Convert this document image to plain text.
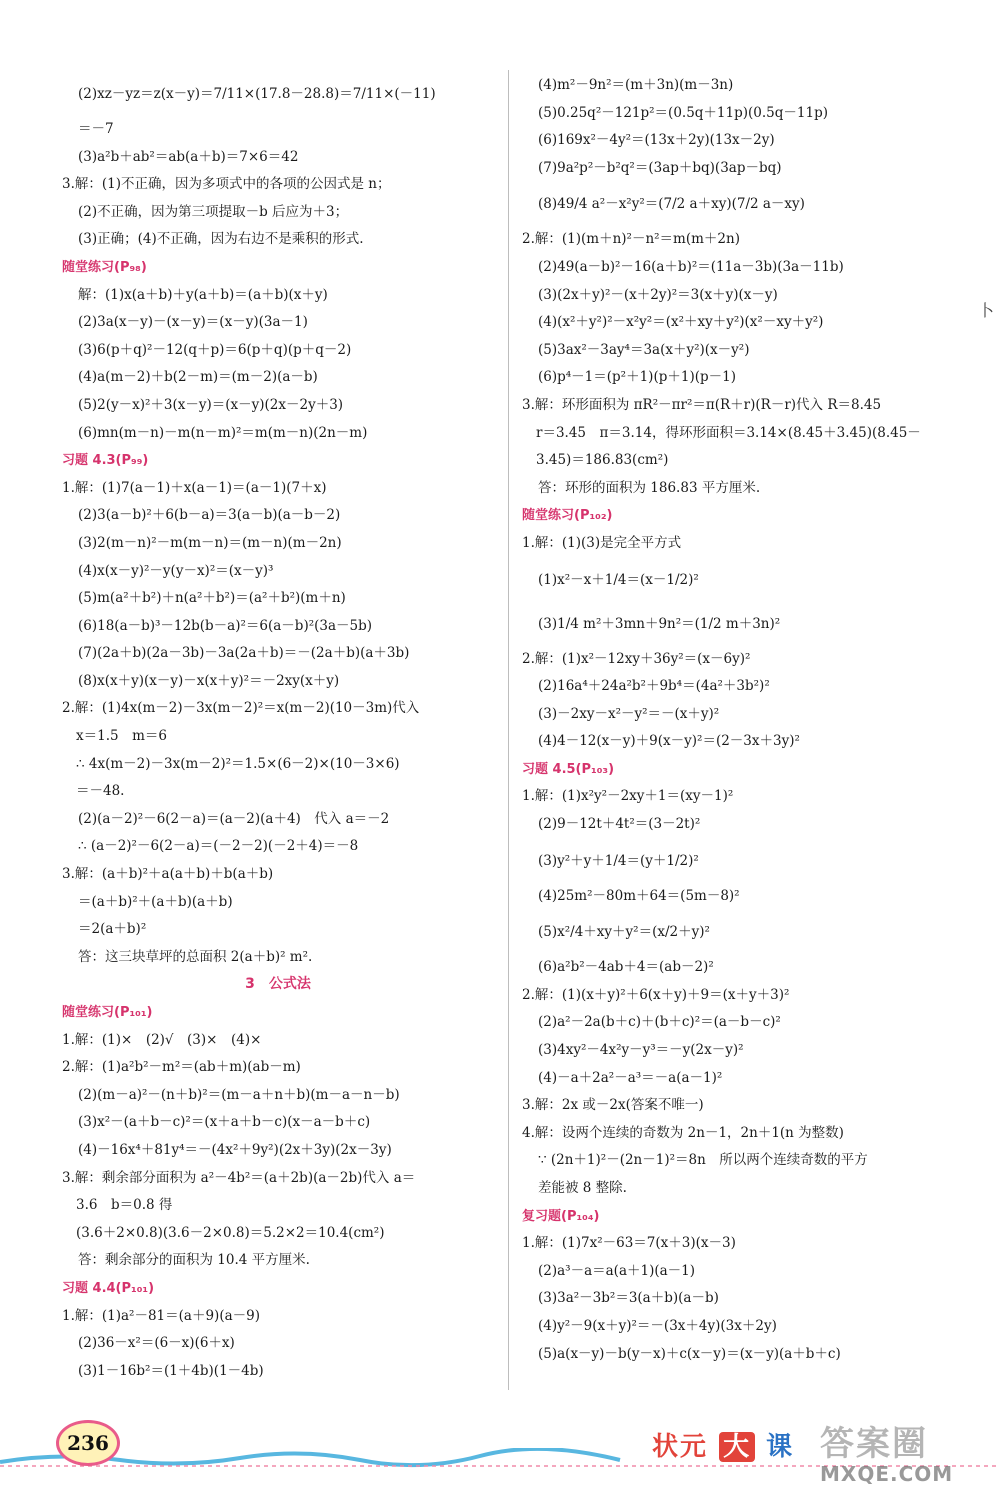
(2)xz－yz＝z(x－y)＝7/11×(17.8－28.8)＝7/11×(－11)
＝－7
(3)a²b＋ab²＝ab(a＋b)＝7×6＝42
3.解：(1)不正确，因为多项式中的各项的公因式是 n；
(2)不正确，因为第三项提取－b 后应为＋3；
(3)正确；(4)不正确，因为右边不是乘积的形式.
随堂练习(P₉₈)
解：(1)x(a＋b)＋y(a＋b)＝(a＋b)(x＋y)
(2)3a(x－y)－(x－y)＝(x－y)(3a－1)
(3)6(p＋q)²－12(q＋p)＝6(p＋q)(p＋q－2)
(4)a(m－2)＋b(2－m)＝(m－2)(a－b)
(5)2(y－x)²＋3(x－y)＝(x－y)(2x－2y＋3)
(6)mn(m－n)－m(n－m)²＝m(m－n)(2n－m)
习题 4.3(P₉₉)
1.解：(1)7(a－1)＋x(a－1)＝(a－1)(7＋x)
(2)3(a－b)²＋6(b－a)＝3(a－b)(a－b－2)
(3)2(m－n)²－m(m－n)＝(m－n)(m－2n)
(4)x(x－y)²－y(y－x)²＝(x－y)³
(5)m(a²＋b²)＋n(a²＋b²)＝(a²＋b²)(m＋n)
(6)18(a－b)³－12b(b－a)²＝6(a－b)²(3a－5b)
(7)(2a＋b)(2a－3b)－3a(2a＋b)＝－(2a＋b)(a＋3b)
(8)x(x＋y)(x－y)－x(x＋y)²＝－2xy(x＋y)
2.解：(1)4x(m－2)－3x(m－2)²＝x(m－2)(10－3m)代入
x＝1.5　m＝6
∴ 4x(m－2)－3x(m－2)²＝1.5×(6－2)×(10－3×6)
＝－48.
(2)(a－2)²－6(2－a)＝(a－2)(a＋4)　代入 a＝－2
∴ (a－2)²－6(2－a)＝(－2－2)(－2＋4)＝－8
3.解：(a＋b)²＋a(a＋b)＋b(a＋b)
＝(a＋b)²＋(a＋b)(a＋b)
＝2(a＋b)²
答：这三块草坪的总面积 2(a＋b)² m².
3　公式法
随堂练习(P₁₀₁)
1.解：(1)×　(2)√　(3)×　(4)×
2.解：(1)a²b²－m²＝(ab＋m)(ab－m)
(2)(m－a)²－(n＋b)²＝(m－a＋n＋b)(m－a－n－b)
(3)x²－(a＋b－c)²＝(x＋a＋b－c)(x－a－b＋c)
(4)－16x⁴＋81y⁴＝－(4x²＋9y²)(2x＋3y)(2x－3y)
3.解：剩余部分面积为 a²－4b²＝(a＋2b)(a－2b)代入 a＝
3.6　b＝0.8 得
(3.6＋2×0.8)(3.6－2×0.8)＝5.2×2＝10.4(cm²)
答：剩余部分的面积为 10.4 平方厘米.
习题 4.4(P₁₀₁)
1.解：(1)a²－81＝(a＋9)(a－9)
(2)36－x²＝(6－x)(6＋x)
(3)1－16b²＝(1＋4b)(1－4b)
(4)m²－9n²＝(m＋3n)(m－3n)
(5)0.25q²－121p²＝(0.5q＋11p)(0.5q－11p)
(6)169x²－4y²＝(13x＋2y)(13x－2y)
(7)9a²p²－b²q²＝(3ap＋bq)(3ap－bq)
(8)49/4 a²－x²y²＝(7/2 a＋xy)(7/2 a－xy)
2.解：(1)(m＋n)²－n²＝m(m＋2n)
(2)49(a－b)²－16(a＋b)²＝(11a－3b)(3a－11b)
(3)(2x＋y)²－(x＋2y)²＝3(x＋y)(x－y)
(4)(x²＋y²)²－x²y²＝(x²＋xy＋y²)(x²－xy＋y²)
(5)3ax²－3ay⁴＝3a(x＋y²)(x－y²)
(6)p⁴－1＝(p²＋1)(p＋1)(p－1)
3.解：环形面积为 πR²－πr²＝π(R＋r)(R－r)代入 R＝8.45
r＝3.45　π＝3.14，得环形面积＝3.14×(8.45＋3.45)(8.45－
3.45)＝186.83(cm²)
答：环形的面积为 186.83 平方厘米.
随堂练习(P₁₀₂)
1.解：(1)(3)是完全平方式
(1)x²－x＋1/4＝(x－1/2)²
(3)1/4 m²＋3mn＋9n²＝(1/2 m＋3n)²
2.解：(1)x²－12xy＋36y²＝(x－6y)²
(2)16a⁴＋24a²b²＋9b⁴＝(4a²＋3b²)²
(3)－2xy－x²－y²＝－(x＋y)²
(4)4－12(x－y)＋9(x－y)²＝(2－3x＋3y)²
习题 4.5(P₁₀₃)
1.解：(1)x²y²－2xy＋1＝(xy－1)²
(2)9－12t＋4t²＝(3－2t)²
(3)y²＋y＋1/4＝(y＋1/2)²
(4)25m²－80m＋64＝(5m－8)²
(5)x²/4＋xy＋y²＝(x/2＋y)²
(6)a²b²－4ab＋4＝(ab－2)²
2.解：(1)(x＋y)²＋6(x＋y)＋9＝(x＋y＋3)²
(2)a²－2a(b＋c)＋(b＋c)²＝(a－b－c)²
(3)4xy²－4x²y－y³＝－y(2x－y)²
(4)－a＋2a²－a³＝－a(a－1)²
3.解：2x 或－2x(答案不唯一)
4.解：设两个连续的奇数为 2n－1，2n＋1(n 为整数)
∵ (2n＋1)²－(2n－1)²＝8n　所以两个连续奇数的平方
差能被 8 整除.
复习题(P₁₀₄)
1.解：(1)7x²－63＝7(x＋3)(x－3)
(2)a³－a＝a(a＋1)(a－1)
(3)3a²－3b²＝3(a＋b)(a－b)
(4)y²－9(x＋y)²＝－(3x＋4y)(3x＋2y)
(5)a(x－y)－b(y－x)＋c(x－y)＝(x－y)(a＋b＋c)
卜
236	状元 大 课 答案圈
MXQE.COM
